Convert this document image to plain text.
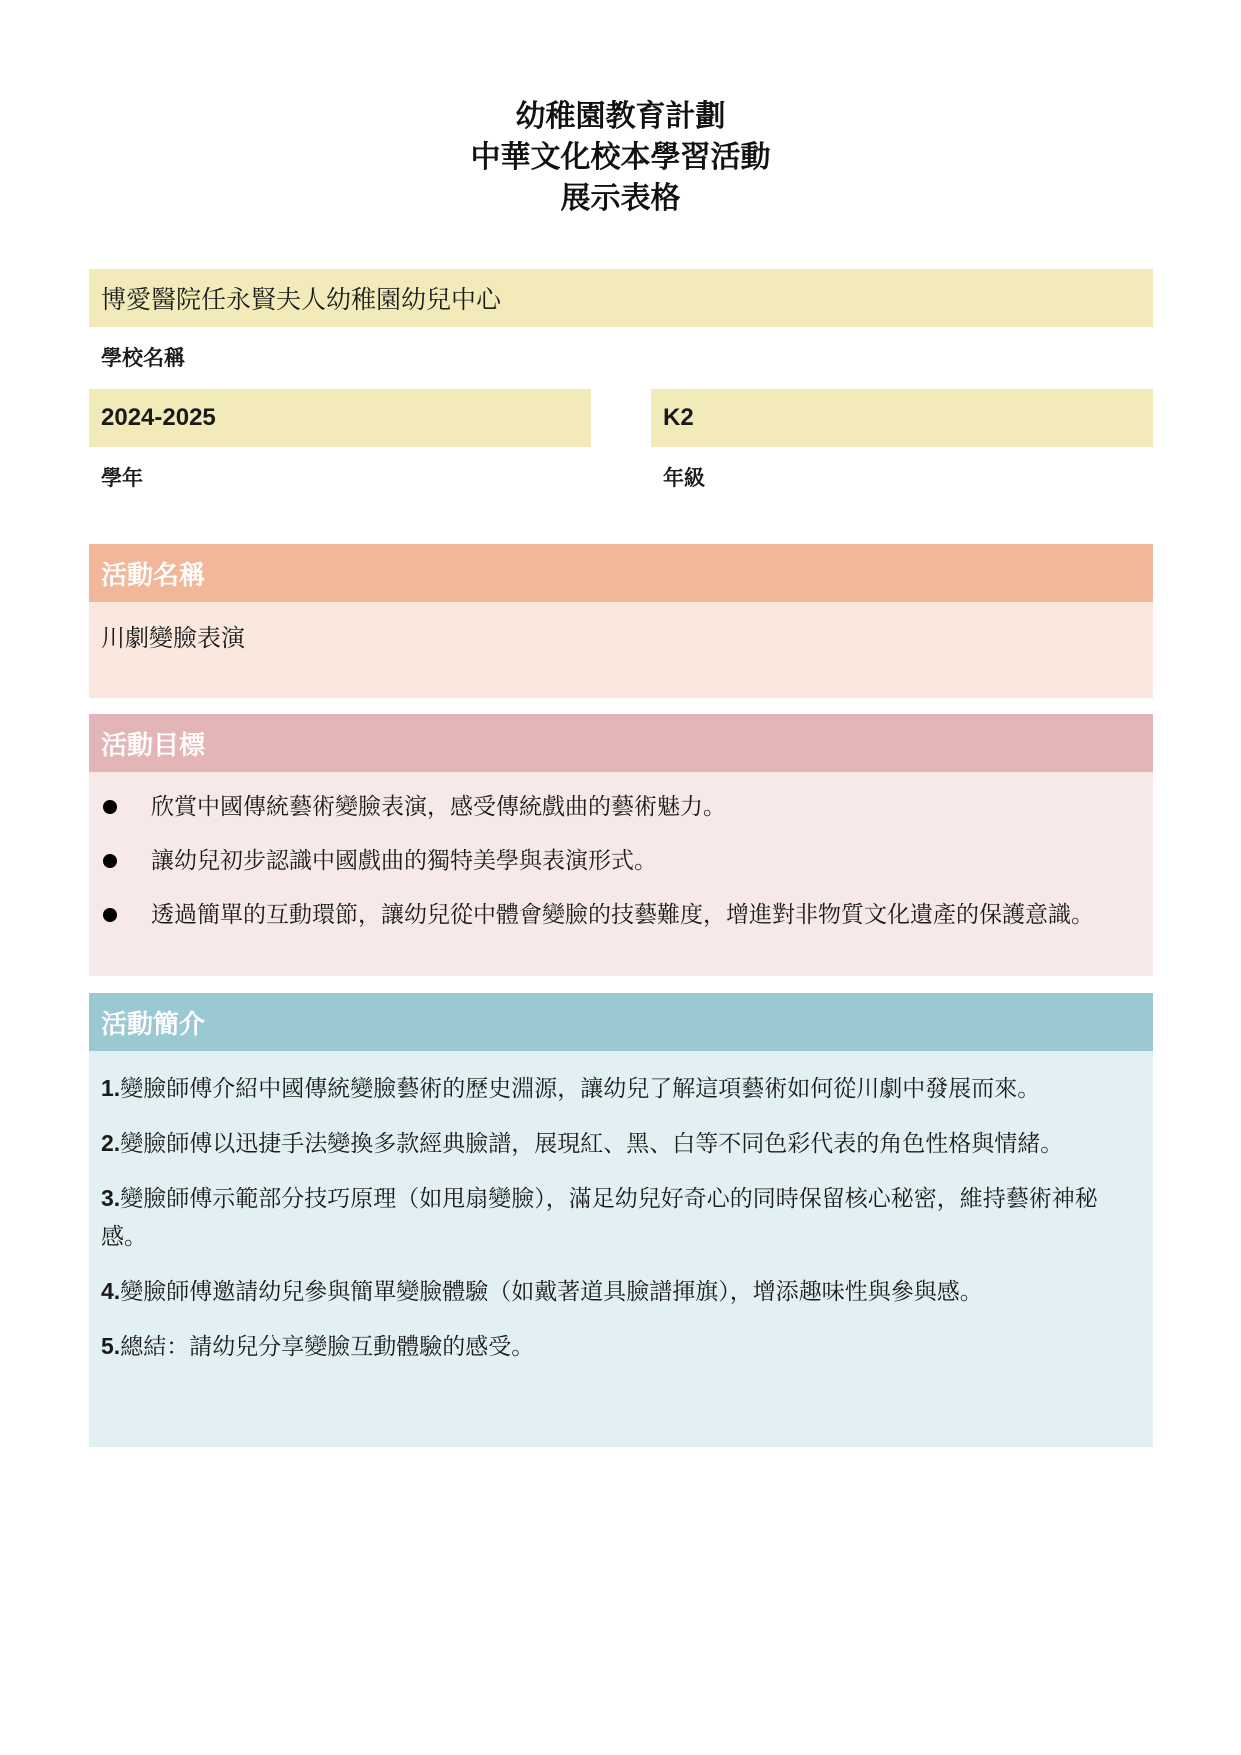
幼稚園教育計劃
中華文化校本學習活動
展示表格
博愛醫院任永賢夫人幼稚園幼兒中心
學校名稱
2024-2025
學年
K2
年級
活動名稱
川劇變臉表演
活動目標
欣賞中國傳統藝術變臉表演，感受傳統戲曲的藝術魅力。
讓幼兒初步認識中國戲曲的獨特美學與表演形式。
透過簡單的互動環節，讓幼兒從中體會變臉的技藝難度，增進對非物質文化遺產的保護意識。
活動簡介
1.變臉師傅介紹中國傳統變臉藝術的歷史淵源，讓幼兒了解這項藝術如何從川劇中發展而來。
2.變臉師傅以迅捷手法變換多款經典臉譜，展現紅、黑、白等不同色彩代表的角色性格與情緒。
3.變臉師傅示範部分技巧原理（如甩扇變臉），滿足幼兒好奇心的同時保留核心秘密，維持藝術神秘感。
4.變臉師傅邀請幼兒參與簡單變臉體驗（如戴著道具臉譜揮旗），增添趣味性與參與感。
5.總結：請幼兒分享變臉互動體驗的感受。
